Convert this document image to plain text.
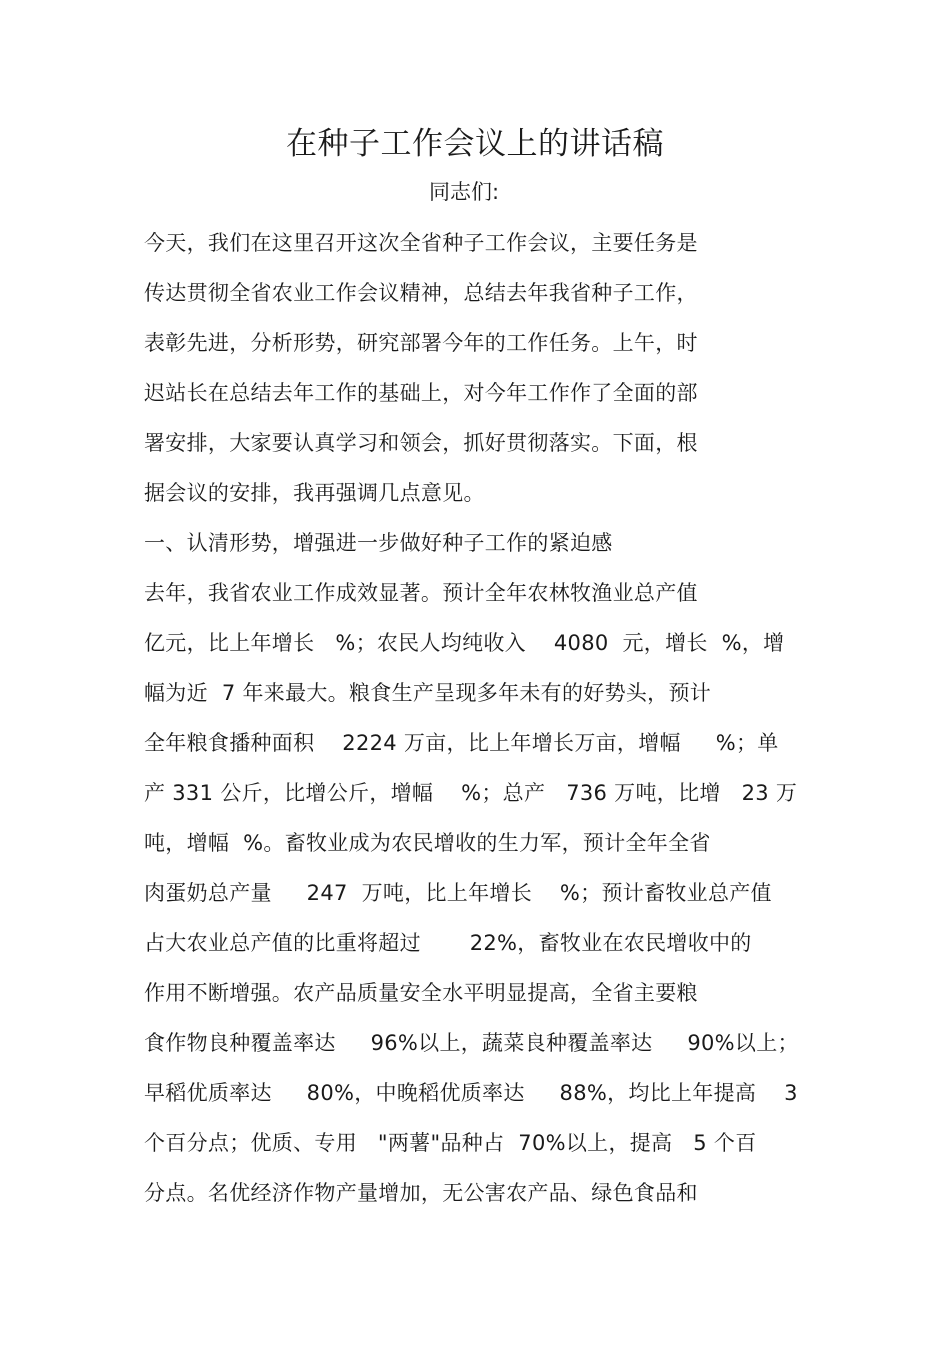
在种子工作会议上的讲话稿
同志们:
今天，我们在这里召开这次全省种子工作会议，主要任务是
传达贯彻全省农业工作会议精神，总结去年我省种子工作，
表彰先进，分析形势，研究部署今年的工作任务。上午，时
迟站长在总结去年工作的基础上，对今年工作作了全面的部
署安排，大家要认真学习和领会，抓好贯彻落实。下面，根
据会议的安排，我再强调几点意见。
一、认清形势，增强进一步做好种子工作的紧迫感
去年，我省农业工作成效显著。预计全年农林牧渔业总产值
亿元，比上年增长   %；农民人均纯收入    4080  元，增长  %，增
幅为近  7 年来最大。粮食生产呈现多年未有的好势头，预计
全年粮食播种面积    2224 万亩，比上年增长万亩，增幅     %；单
产 331 公斤，比增公斤，增幅    %；总产   736 万吨，比增   23 万
吨，增幅  %。畜牧业成为农民增收的生力军，预计全年全省
肉蛋奶总产量     247  万吨，比上年增长    %；预计畜牧业总产值
占大农业总产值的比重将超过       22%，畜牧业在农民增收中的
作用不断增强。农产品质量安全水平明显提高，全省主要粮
食作物良种覆盖率达     96%以上，蔬菜良种覆盖率达     90%以上；
早稻优质率达     80%，中晚稻优质率达     88%，均比上年提高    3
个百分点；优质、专用   "两薯"品种占  70%以上，提高   5 个百
分点。名优经济作物产量增加，无公害农产品、绿色食品和
